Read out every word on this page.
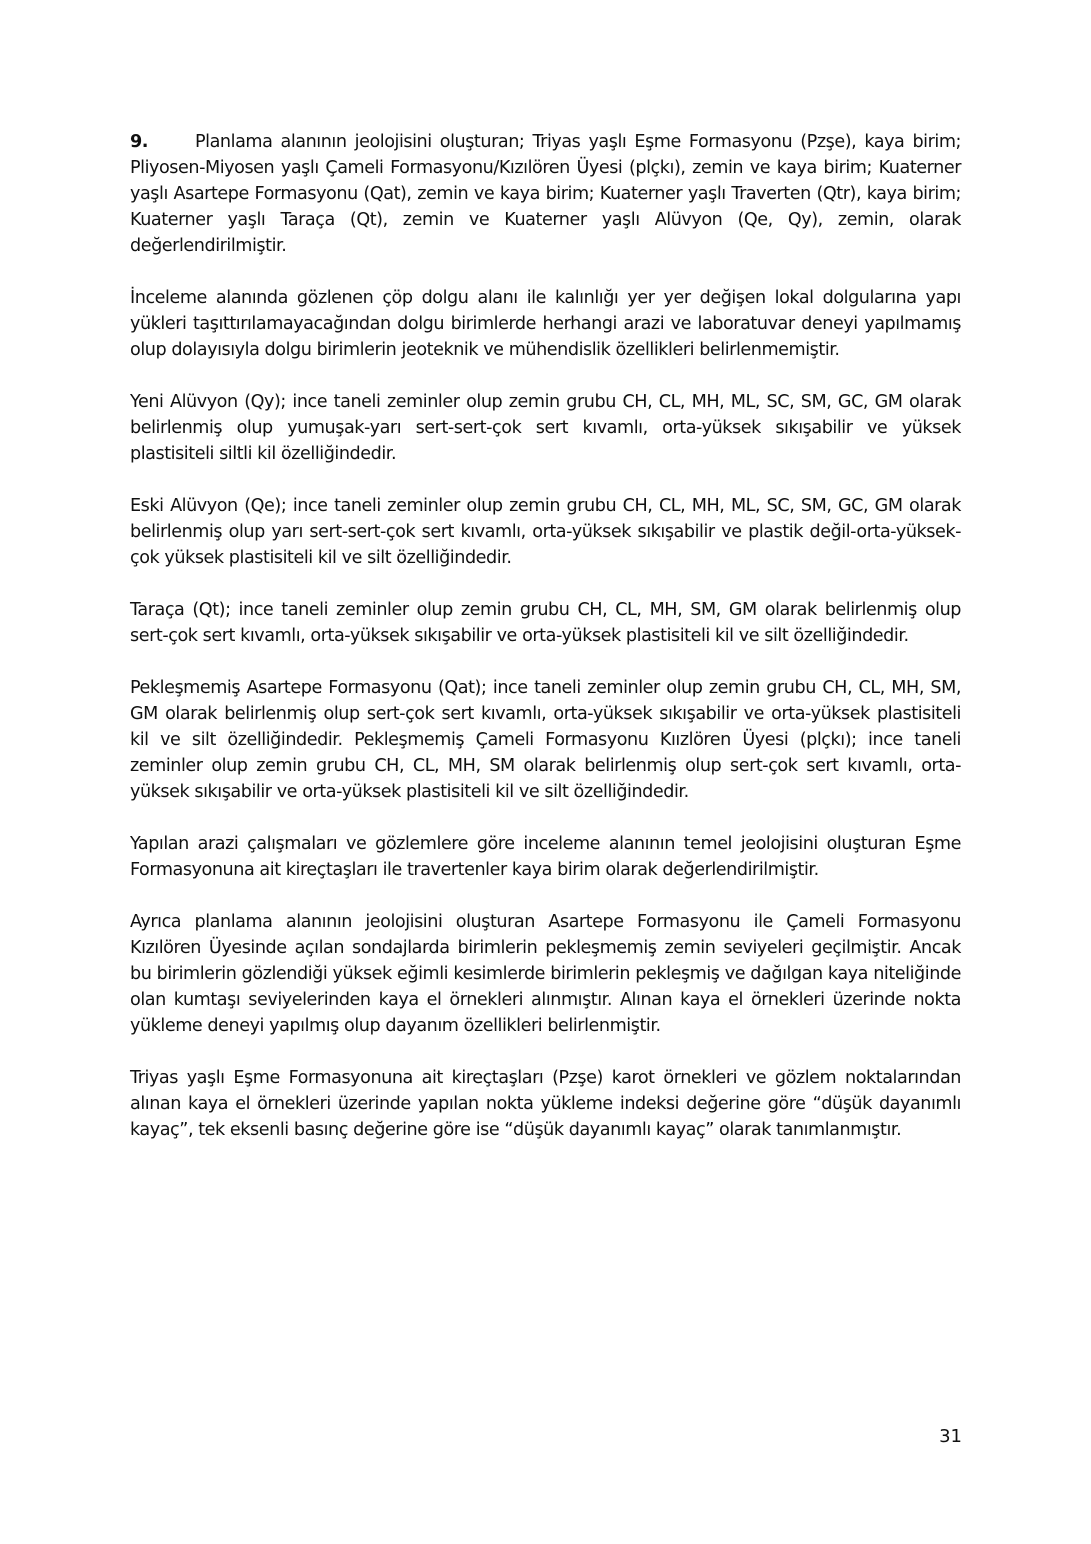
9.	Planlama alanının jeolojisini oluşturan; Triyas yaşlı Eşme Formasyonu (Pzşe), kaya birim; Pliyosen-Miyosen yaşlı Çameli Formasyonu/Kızılören Üyesi (plçkı), zemin ve kaya birim; Kuaterner yaşlı Asartepe Formasyonu (Qat), zemin ve kaya birim; Kuaterner yaşlı Traverten (Qtr), kaya birim; Kuaterner yaşlı Taraça (Qt), zemin ve Kuaterner yaşlı Alüvyon (Qe, Qy), zemin, olarak değerlendirilmiştir.

İnceleme alanında gözlenen çöp dolgu alanı ile kalınlığı yer yer değişen lokal dolgularına yapı yükleri taşıttırılamayacağından dolgu birimlerde herhangi arazi ve laboratuvar deneyi yapılmamış olup dolayısıyla dolgu birimlerin jeoteknik ve mühendislik özellikleri belirlenmemiştir.

Yeni Alüvyon (Qy); ince taneli zeminler olup zemin grubu CH, CL, MH, ML, SC, SM, GC, GM olarak belirlenmiş olup yumuşak-yarı sert-sert-çok sert kıvamlı, orta-yüksek sıkışabilir ve yüksek plastisiteli siltli kil özelliğindedir.

Eski Alüvyon (Qe); ince taneli zeminler olup zemin grubu CH, CL, MH, ML, SC, SM, GC, GM olarak belirlenmiş olup yarı sert-sert-çok sert kıvamlı, orta-yüksek sıkışabilir ve plastik değil-orta-yüksek-çok yüksek plastisiteli kil ve silt özelliğindedir.

Taraça (Qt); ince taneli zeminler olup zemin grubu CH, CL, MH, SM, GM olarak belirlenmiş olup sert-çok sert kıvamlı, orta-yüksek sıkışabilir ve orta-yüksek plastisiteli kil ve silt özelliğindedir.

Pekleşmemiş Asartepe Formasyonu (Qat); ince taneli zeminler olup zemin grubu CH, CL, MH, SM, GM olarak belirlenmiş olup sert-çok sert kıvamlı, orta-yüksek sıkışabilir ve orta-yüksek plastisiteli kil ve silt özelliğindedir. Pekleşmemiş Çameli Formasyonu Kıızlören Üyesi (plçkı); ince taneli zeminler olup zemin grubu CH, CL, MH, SM olarak belirlenmiş olup sert-çok sert kıvamlı, orta-yüksek sıkışabilir ve orta-yüksek plastisiteli kil ve silt özelliğindedir.

Yapılan arazi çalışmaları ve gözlemlere göre inceleme alanının temel jeolojisini oluşturan Eşme Formasyonuna ait kireçtaşları ile travertenler kaya birim olarak değerlendirilmiştir.

Ayrıca planlama alanının jeolojisini oluşturan Asartepe Formasyonu ile Çameli Formasyonu Kızılören Üyesinde açılan sondajlarda birimlerin pekleşmemiş zemin seviyeleri geçilmiştir. Ancak bu birimlerin gözlendiği yüksek eğimli kesimlerde birimlerin pekleşmiş ve dağılgan kaya niteliğinde olan kumtaşı seviyelerinden kaya el örnekleri alınmıştır. Alınan kaya el örnekleri üzerinde nokta yükleme deneyi yapılmış olup dayanım özellikleri belirlenmiştir.

Triyas yaşlı Eşme Formasyonuna ait kireçtaşları (Pzşe) karot örnekleri ve gözlem noktalarından alınan kaya el örnekleri üzerinde yapılan nokta yükleme indeksi değerine göre “düşük dayanımlı kayaç”, tek eksenli basınç değerine göre ise “düşük dayanımlı kayaç” olarak tanımlanmıştır.

31
